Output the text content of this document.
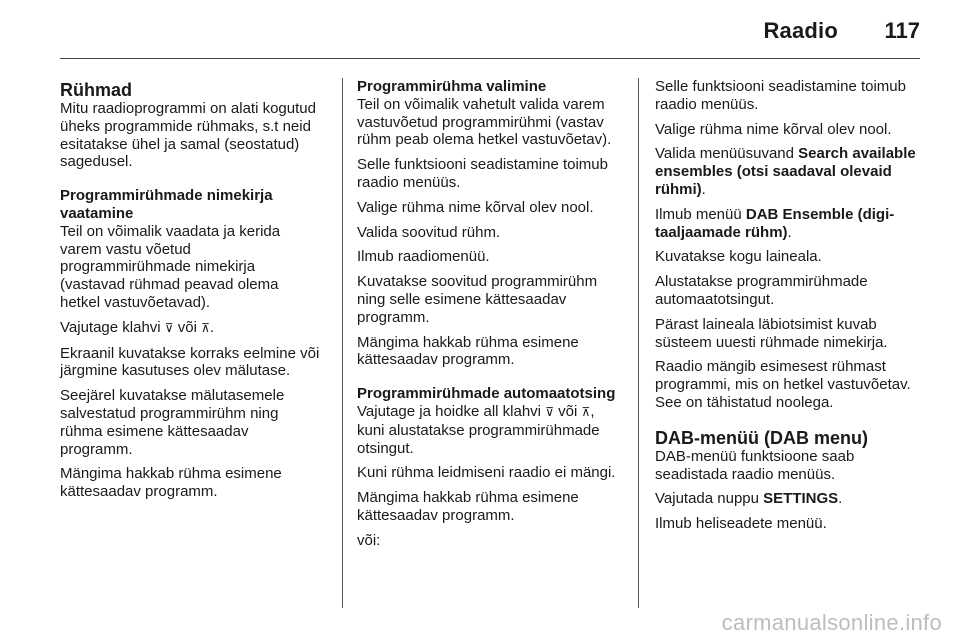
Raadio 117
Rühmad

Mitu raadioprogrammi on alati kogutud üheks programmide rühmaks, s.t neid esitatakse ühel ja samal (seostatud) sagedusel.

Programmirühmade nimekirja vaatamine

Teil on võimalik vaadata ja kerida varem vastu võetud programmirühmade nimekirja (vastavad rühmad peavad olema hetkel vastuvõetavad).

Vajutage klahvi ⊽ või ⊼.

Ekraanil kuvatakse korraks eelmine või järgmine kasutuses olev mälutase.

Seejärel kuvatakse mälutasemele salvestatud programmirühm ning rühma esimene kättesaadav programm.

Mängima hakkab rühma esimene kättesaadav programm.

Programmirühma valimine

Teil on võimalik vahetult valida varem vastuvõetud programmirühmi (vastav rühm peab olema hetkel vastuvõetav).

Selle funktsiooni seadistamine toimub raadio menüüs.

Valige rühma nime kõrval olev nool.

Valida soovitud rühm.

Ilmub raadiomenüü.

Kuvatakse soovitud programmirühm ning selle esimene kättesaadav programm.

Mängima hakkab rühma esimene kättesaadav programm.

Programmirühmade automaatotsing

Vajutage ja hoidke all klahvi ⊽ või ⊼, kuni alustatakse programmirühmade otsingut.

Kuni rühma leidmiseni raadio ei mängi.

Mängima hakkab rühma esimene kättesaadav programm.

või:

Selle funktsiooni seadistamine toimub raadio menüüs.

Valige rühma nime kõrval olev nool.

Valida menüüsuvand Search available ensembles (otsi saadaval olevaid rühmi).

Ilmub menüü DAB Ensemble (digi-taaljaamade rühm).

Kuvatakse kogu laineala.

Alustatakse programmirühmade automaatotsingut.

Pärast laineala läbiotsimist kuvab süsteem uuesti rühmade nimekirja.

Raadio mängib esimesest rühmast programmi, mis on hetkel vastuvõetav. See on tähistatud noolega.

DAB-menüü (DAB menu)

DAB-menüü funktsioone saab seadistada raadio menüüs.

Vajutada nuppu SETTINGS.

Ilmub heliseadete menüü.

carmanualsonline.info
